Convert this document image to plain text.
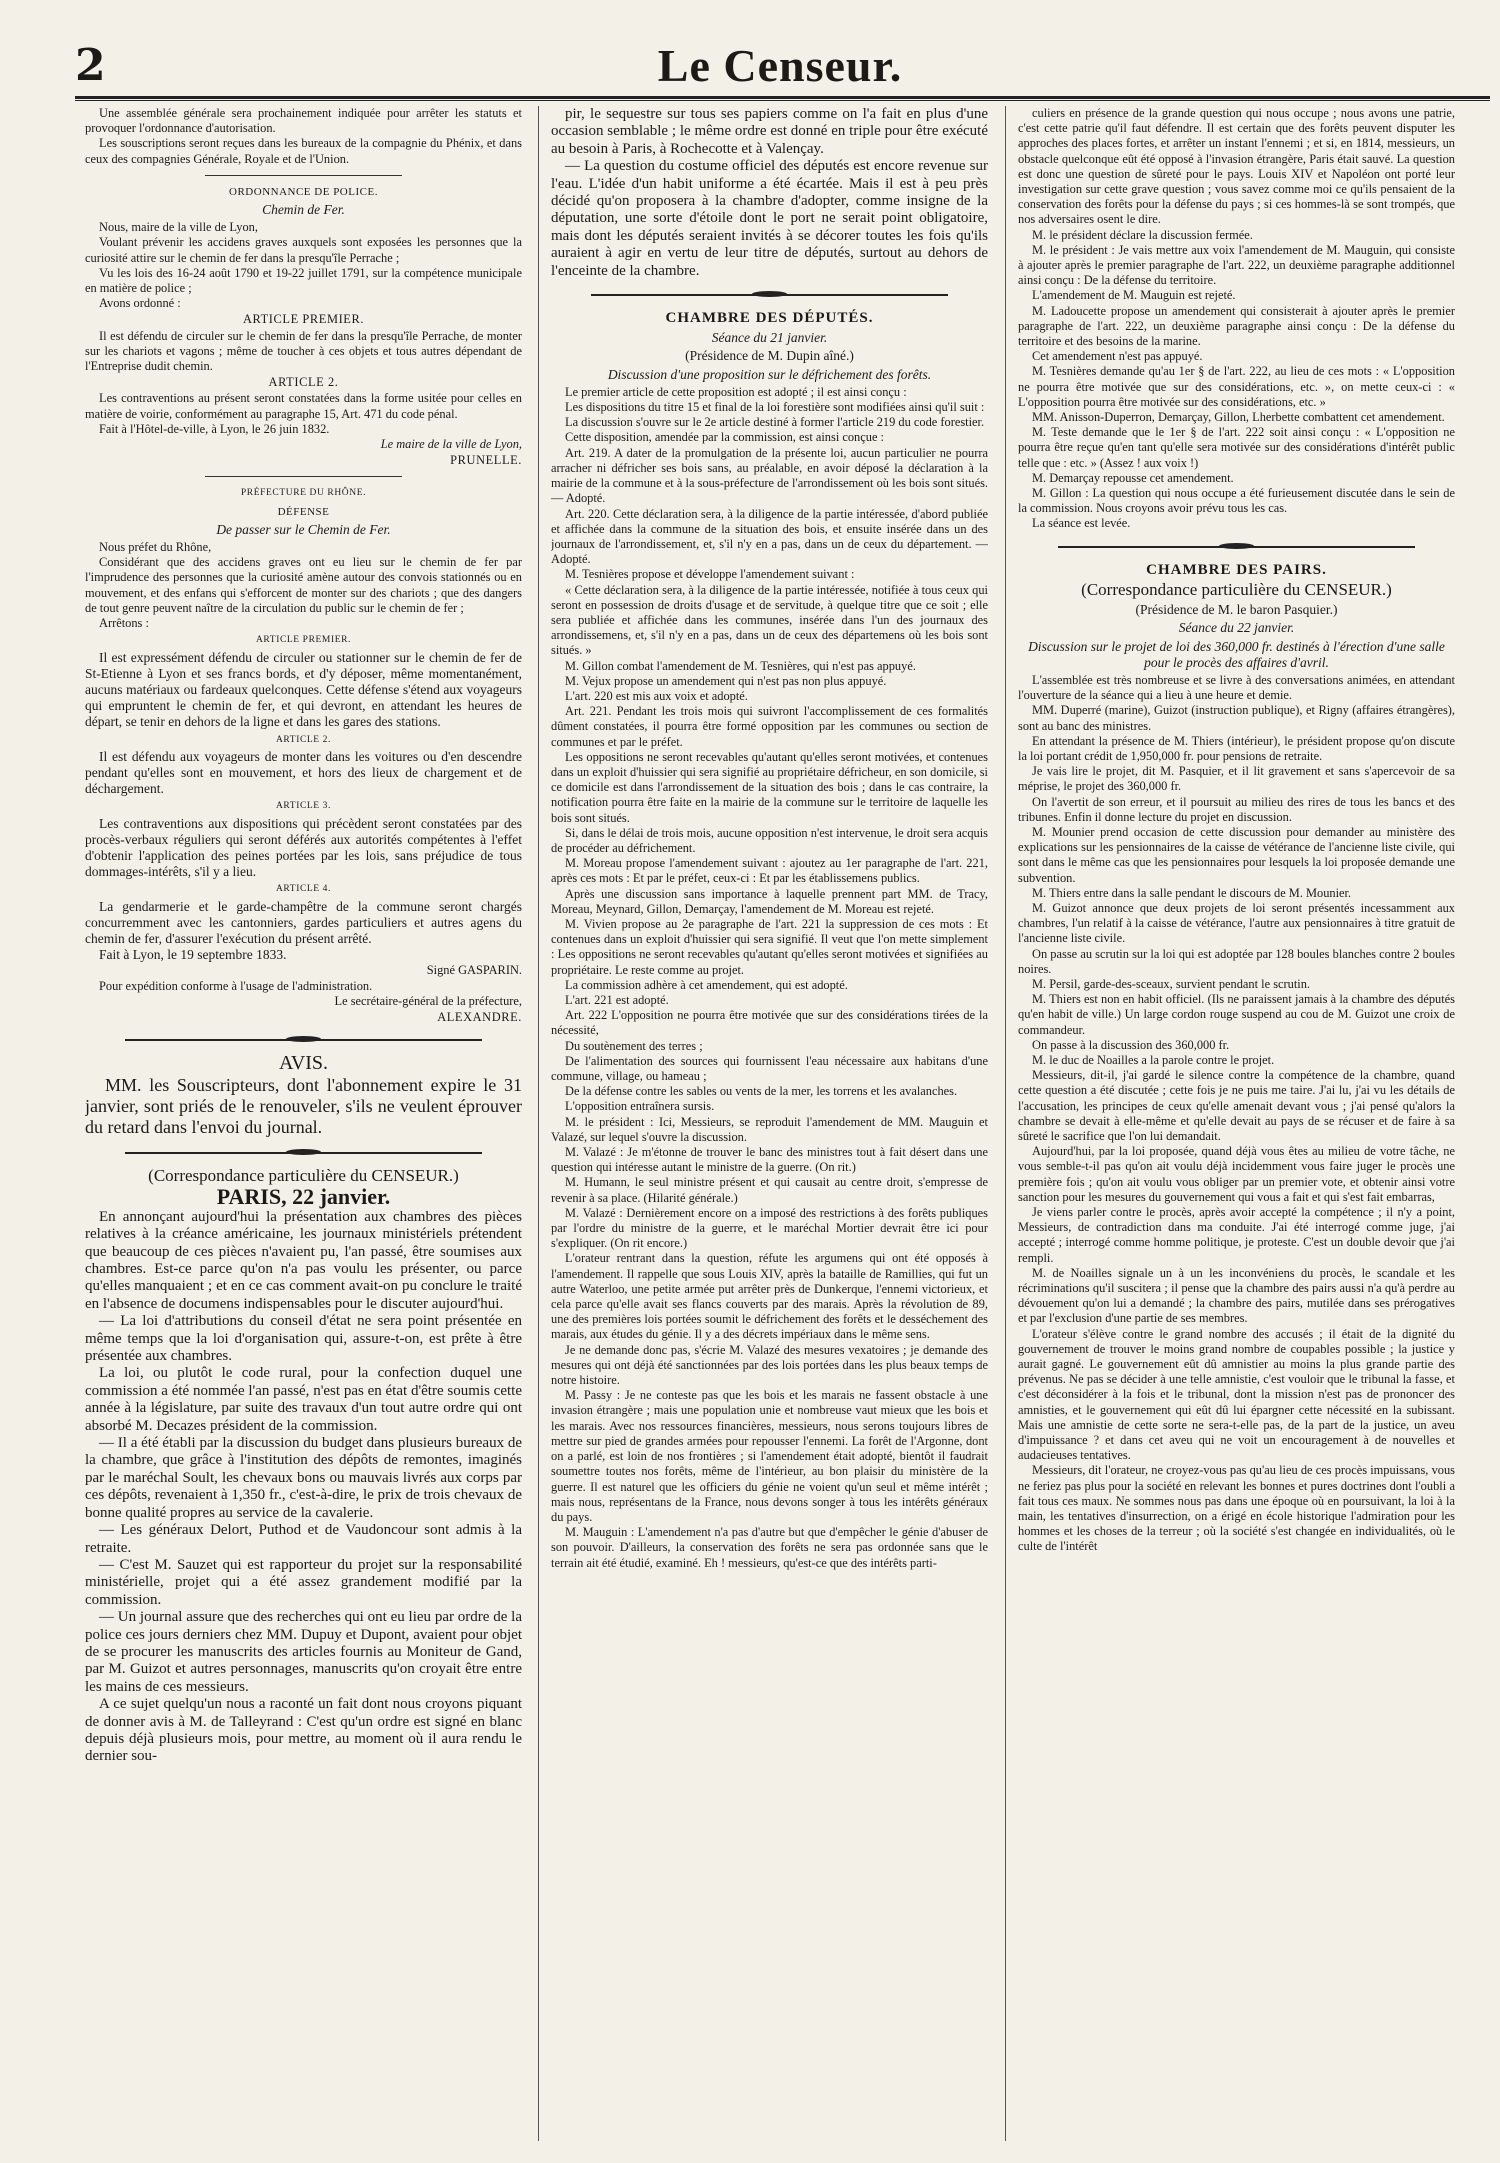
2	Le Censeur.

Une assemblée générale sera prochainement indiquée pour arrêter les statuts et provoquer l'ordonnance d'autorisation.

Les souscriptions seront reçues dans les bureaux de la compagnie du Phénix, et dans ceux des compagnies Générale, Royale et de l'Union.

ORDONNANCE DE POLICE.

Chemin de Fer.

Nous, maire de la ville de Lyon,

Voulant prévenir les accidens graves auxquels sont exposées les personnes que la curiosité attire sur le chemin de fer dans la presqu'île Perrache ;

Vu les lois des 16-24 août 1790 et 19-22 juillet 1791, sur la compétence municipale en matière de police ;

Avons ordonné :

ARTICLE PREMIER.

Il est défendu de circuler sur le chemin de fer dans la presqu'île Perrache, de monter sur les chariots et vagons ; même de toucher à ces objets et tous autres dépendant de l'Entreprise dudit chemin.

ARTICLE 2.

Les contraventions au présent seront constatées dans la forme usitée pour celles en matière de voirie, conformément au paragraphe 15, Art. 471 du code pénal.

Fait à l'Hôtel-de-ville, à Lyon, le 26 juin 1832.

Le maire de la ville de Lyon,

PRUNELLE.

PRÉFECTURE DU RHÔNE.

DÉFENSE

De passer sur le Chemin de Fer.

Nous préfet du Rhône,

Considérant que des accidens graves ont eu lieu sur le chemin de fer par l'imprudence des personnes que la curiosité amène autour des convois stationnés ou en mouvement, et des enfans qui s'efforcent de monter sur des chariots ; que des dangers de tout genre peuvent naître de la circulation du public sur le chemin de fer ;

Arrêtons :

ARTICLE PREMIER.

Il est expressément défendu de circuler ou stationner sur le chemin de fer de St-Etienne à Lyon et ses francs bords, et d'y déposer, même momentanément, aucuns matériaux ou fardeaux quelconques. Cette défense s'étend aux voyageurs qui empruntent le chemin de fer, et qui devront, en attendant les heures de départ, se tenir en dehors de la ligne et dans les gares des stations.

ARTICLE 2.

Il est défendu aux voyageurs de monter dans les voitures ou d'en descendre pendant qu'elles sont en mouvement, et hors des lieux de chargement et de déchargement.

ARTICLE 3.

Les contraventions aux dispositions qui précèdent seront constatées par des procès-verbaux réguliers qui seront déférés aux autorités compétentes à l'effet d'obtenir l'application des peines portées par les lois, sans préjudice de tous dommages-intérêts, s'il y a lieu.

ARTICLE 4.

La gendarmerie et le garde-champêtre de la commune seront chargés concurremment avec les cantonniers, gardes particuliers et autres agens du chemin de fer, d'assurer l'exécution du présent arrêté.

Fait à Lyon, le 19 septembre 1833.

Signé GASPARIN.

Pour expédition conforme à l'usage de l'administration.

Le secrétaire-général de la préfecture,

ALEXANDRE.

AVIS.

MM. les Souscripteurs, dont l'abonnement expire le 31 janvier, sont priés de le renouveler, s'ils ne veulent éprouver du retard dans l'envoi du journal.

(Correspondance particulière du CENSEUR.)

PARIS, 22 janvier.

En annonçant aujourd'hui la présentation aux chambres des pièces relatives à la créance américaine, les journaux ministériels prétendent que beaucoup de ces pièces n'avaient pu, l'an passé, être soumises aux chambres. Est-ce parce qu'on n'a pas voulu les présenter, ou parce qu'elles manquaient ; et en ce cas comment avait-on pu conclure le traité en l'absence de documens indispensables pour le discuter aujourd'hui.

— La loi d'attributions du conseil d'état ne sera point présentée en même temps que la loi d'organisation qui, assure-t-on, est prête à être présentée aux chambres.

La loi, ou plutôt le code rural, pour la confection duquel une commission a été nommée l'an passé, n'est pas en état d'être soumis cette année à la législature, par suite des travaux d'un tout autre ordre qui ont absorbé M. Decazes président de la commission.

— Il a été établi par la discussion du budget dans plusieurs bureaux de la chambre, que grâce à l'institution des dépôts de remontes, imaginés par le maréchal Soult, les chevaux bons ou mauvais livrés aux corps par ces dépôts, revenaient à 1,350 fr., c'est-à-dire, le prix de trois chevaux de bonne qualité propres au service de la cavalerie.

— Les généraux Delort, Puthod et de Vaudoncour sont admis à la retraite.

— C'est M. Sauzet qui est rapporteur du projet sur la responsabilité ministérielle, projet qui a été assez grandement modifié par la commission.

— Un journal assure que des recherches qui ont eu lieu par ordre de la police ces jours derniers chez MM. Dupuy et Dupont, avaient pour objet de se procurer les manuscrits des articles fournis au Moniteur de Gand, par M. Guizot et autres personnages, manuscrits qu'on croyait être entre les mains de ces messieurs.

A ce sujet quelqu'un nous a raconté un fait dont nous croyons piquant de donner avis à M. de Talleyrand : C'est qu'un ordre est signé en blanc depuis déjà plusieurs mois, pour mettre, au moment où il aura rendu le dernier sou-

pir, le sequestre sur tous ses papiers comme on l'a fait en plus d'une occasion semblable ; le même ordre est donné en triple pour être exécuté au besoin à Paris, à Rochecotte et à Valençay.

— La question du costume officiel des députés est encore revenue sur l'eau. L'idée d'un habit uniforme a été écartée. Mais il est à peu près décidé qu'on proposera à la chambre d'adopter, comme insigne de la députation, une sorte d'étoile dont le port ne serait point obligatoire, mais dont les députés seraient invités à se décorer toutes les fois qu'ils auraient à agir en vertu de leur titre de députés, surtout au dehors de l'enceinte de la chambre.

CHAMBRE DES DÉPUTÉS.

Séance du 21 janvier.

(Présidence de M. Dupin aîné.)

Discussion d'une proposition sur le défrichement des forêts.

Le premier article de cette proposition est adopté ; il est ainsi conçu :

Les dispositions du titre 15 et final de la loi forestière sont modifiées ainsi qu'il suit :

La discussion s'ouvre sur le 2e article destiné à former l'article 219 du code forestier.

Cette disposition, amendée par la commission, est ainsi conçue :

Art. 219. A dater de la promulgation de la présente loi, aucun particulier ne pourra arracher ni défricher ses bois sans, au préalable, en avoir déposé la déclaration à la mairie de la commune et à la sous-préfecture de l'arrondissement où les bois sont situés. — Adopté.

Art. 220. Cette déclaration sera, à la diligence de la partie intéressée, d'abord publiée et affichée dans la commune de la situation des bois, et ensuite insérée dans un des journaux de l'arrondissement, et, s'il n'y en a pas, dans un de ceux du département. — Adopté.

M. Tesnières propose et développe l'amendement suivant :

« Cette déclaration sera, à la diligence de la partie intéressée, notifiée à tous ceux qui seront en possession de droits d'usage et de servitude, à quelque titre que ce soit ; elle sera publiée et affichée dans les communes, insérée dans l'un des journaux des arrondissemens, et, s'il n'y en a pas, dans un de ceux des départemens où les bois sont situés. »

M. Gillon combat l'amendement de M. Tesnières, qui n'est pas appuyé.

M. Vejux propose un amendement qui n'est pas non plus appuyé.

L'art. 220 est mis aux voix et adopté.

Art. 221. Pendant les trois mois qui suivront l'accomplissement de ces formalités dûment constatées, il pourra être formé opposition par les communes ou section de communes et par le préfet.

Les oppositions ne seront recevables qu'autant qu'elles seront motivées, et contenues dans un exploit d'huissier qui sera signifié au propriétaire défricheur, en son domicile, si ce domicile est dans l'arrondissement de la situation des bois ; dans le cas contraire, la notification pourra être faite en la mairie de la commune sur le territoire de laquelle les bois sont situés.

Si, dans le délai de trois mois, aucune opposition n'est intervenue, le droit sera acquis de procéder au défrichement.

M. Moreau propose l'amendement suivant : ajoutez au 1er paragraphe de l'art. 221, après ces mots : Et par le préfet, ceux-ci : Et par les établissemens publics.

Après une discussion sans importance à laquelle prennent part MM. de Tracy, Moreau, Meynard, Gillon, Demarçay, l'amendement de M. Moreau est rejeté.

M. Vivien propose au 2e paragraphe de l'art. 221 la suppression de ces mots : Et contenues dans un exploit d'huissier qui sera signifié. Il veut que l'on mette simplement : Les oppositions ne seront recevables qu'autant qu'elles seront motivées et signifiées au propriétaire. Le reste comme au projet.

La commission adhère à cet amendement, qui est adopté.

L'art. 221 est adopté.

Art. 222 L'opposition ne pourra être motivée que sur des considérations tirées de la nécessité,

Du soutènement des terres ;

De l'alimentation des sources qui fournissent l'eau nécessaire aux habitans d'une commune, village, ou hameau ;

De la défense contre les sables ou vents de la mer, les torrens et les avalanches.

L'opposition entraînera sursis.

M. le président : Ici, Messieurs, se reproduit l'amendement de MM. Mauguin et Valazé, sur lequel s'ouvre la discussion.

M. Valazé : Je m'étonne de trouver le banc des ministres tout à fait désert dans une question qui intéresse autant le ministre de la guerre. (On rit.)

M. Humann, le seul ministre présent et qui causait au centre droit, s'empresse de revenir à sa place. (Hilarité générale.)

M. Valazé : Dernièrement encore on a imposé des restrictions à des forêts publiques par l'ordre du ministre de la guerre, et le maréchal Mortier devrait être ici pour s'expliquer. (On rit encore.)

L'orateur rentrant dans la question, réfute les argumens qui ont été opposés à l'amendement. Il rappelle que sous Louis XIV, après la bataille de Ramillies, qui fut un autre Waterloo, une petite armée put arrêter près de Dunkerque, l'ennemi victorieux, et cela parce qu'elle avait ses flancs couverts par des marais. Après la révolution de 89, une des premières lois portées soumit le défrichement des forêts et le desséchement des marais, aux études du génie. Il y a des décrets impériaux dans le même sens.

Je ne demande donc pas, s'écrie M. Valazé des mesures vexatoires ; je demande des mesures qui ont déjà été sanctionnées par des lois portées dans les plus beaux temps de notre histoire.

M. Passy : Je ne conteste pas que les bois et les marais ne fassent obstacle à une invasion étrangère ; mais une population unie et nombreuse vaut mieux que les bois et les marais. Avec nos ressources financières, messieurs, nous serons toujours libres de mettre sur pied de grandes armées pour repousser l'ennemi. La forêt de l'Argonne, dont on a parlé, est loin de nos frontières ; si l'amendement était adopté, bientôt il faudrait soumettre toutes nos forêts, même de l'intérieur, au bon plaisir du ministère de la guerre. Il est naturel que les officiers du génie ne voient qu'un seul et même intérêt ; mais nous, représentans de la France, nous devons songer à tous les intérêts généraux du pays.

M. Mauguin : L'amendement n'a pas d'autre but que d'empêcher le génie d'abuser de son pouvoir. D'ailleurs, la conservation des forêts ne sera pas ordonnée sans que le terrain ait été étudié, examiné. Eh ! messieurs, qu'est-ce que des intérêts parti-

culiers en présence de la grande question qui nous occupe ; nous avons une patrie, c'est cette patrie qu'il faut défendre. Il est certain que des forêts peuvent disputer les approches des places fortes, et arrêter un instant l'ennemi ; et si, en 1814, messieurs, un obstacle quelconque eût été opposé à l'invasion étrangère, Paris était sauvé. La question est donc une question de sûreté pour le pays. Louis XIV et Napoléon ont porté leur investigation sur cette grave question ; vous savez comme moi ce qu'ils pensaient de la conservation des forêts pour la défense du pays ; si ces hommes-là se sont trompés, que nos adversaires osent le dire.

M. le président déclare la discussion fermée.

M. le président : Je vais mettre aux voix l'amendement de M. Mauguin, qui consiste à ajouter après le premier paragraphe de l'art. 222, un deuxième paragraphe additionnel ainsi conçu : De la défense du territoire.

L'amendement de M. Mauguin est rejeté.

M. Ladoucette propose un amendement qui consisterait à ajouter après le premier paragraphe de l'art. 222, un deuxième paragraphe ainsi conçu : De la défense du territoire et des besoins de la marine.

Cet amendement n'est pas appuyé.

M. Tesnières demande qu'au 1er § de l'art. 222, au lieu de ces mots : « L'opposition ne pourra être motivée que sur des considérations, etc. », on mette ceux-ci : « L'opposition pourra être motivée sur des considérations, etc. »

MM. Anisson-Duperron, Demarçay, Gillon, Lherbette combattent cet amendement.

M. Teste demande que le 1er § de l'art. 222 soit ainsi conçu : « L'opposition ne pourra être reçue qu'en tant qu'elle sera motivée sur des considérations d'intérêt public telle que : etc. » (Assez ! aux voix !)

M. Demarçay repousse cet amendement.

M. Gillon : La question qui nous occupe a été furieusement discutée dans le sein de la commission. Nous croyons avoir prévu tous les cas.

La séance est levée.

CHAMBRE DES PAIRS.

(Correspondance particulière du CENSEUR.)

(Présidence de M. le baron Pasquier.)

Séance du 22 janvier.

Discussion sur le projet de loi des 360,000 fr. destinés à l'érection d'une salle pour le procès des affaires d'avril.

L'assemblée est très nombreuse et se livre à des conversations animées, en attendant l'ouverture de la séance qui a lieu à une heure et demie.

MM. Duperré (marine), Guizot (instruction publique), et Rigny (affaires étrangères), sont au banc des ministres.

En attendant la présence de M. Thiers (intérieur), le président propose qu'on discute la loi portant crédit de 1,950,000 fr. pour pensions de retraite.

Je vais lire le projet, dit M. Pasquier, et il lit gravement et sans s'apercevoir de sa méprise, le projet des 360,000 fr.

On l'avertit de son erreur, et il poursuit au milieu des rires de tous les bancs et des tribunes. Enfin il donne lecture du projet en discussion.

M. Mounier prend occasion de cette discussion pour demander au ministère des explications sur les pensionnaires de la caisse de vétérance de l'ancienne liste civile, qui sont dans le même cas que les pensionnaires pour lesquels la loi proposée demande une subvention.

M. Thiers entre dans la salle pendant le discours de M. Mounier.

M. Guizot annonce que deux projets de loi seront présentés incessamment aux chambres, l'un relatif à la caisse de vétérance, l'autre aux pensionnaires à titre gratuit de l'ancienne liste civile.

On passe au scrutin sur la loi qui est adoptée par 128 boules blanches contre 2 boules noires.

M. Persil, garde-des-sceaux, survient pendant le scrutin.

M. Thiers est non en habit officiel. (Ils ne paraissent jamais à la chambre des députés qu'en habit de ville.) Un large cordon rouge suspend au cou de M. Guizot une croix de commandeur.

On passe à la discussion des 360,000 fr.

M. le duc de Noailles a la parole contre le projet.

Messieurs, dit-il, j'ai gardé le silence contre la compétence de la chambre, quand cette question a été discutée ; cette fois je ne puis me taire. J'ai lu, j'ai vu les détails de l'accusation, les principes de ceux qu'elle amenait devant vous ; j'ai pensé qu'alors la chambre se devait à elle-même et qu'elle devait au pays de se récuser et de faire à sa sûreté le sacrifice que l'on lui demandait.

Aujourd'hui, par la loi proposée, quand déjà vous êtes au milieu de votre tâche, ne vous semble-t-il pas qu'on ait voulu déjà incidemment vous faire juger le procès une première fois ; qu'on ait voulu vous obliger par un premier vote, et obtenir ainsi votre sanction pour les mesures du gouvernement qui vous a fait et qui s'est fait embarras,

Je viens parler contre le procès, après avoir accepté la compétence ; il n'y a point, Messieurs, de contradiction dans ma conduite. J'ai été interrogé comme juge, j'ai accepté ; interrogé comme homme politique, je proteste. C'est un double devoir que j'ai rempli.

M. de Noailles signale un à un les inconvéniens du procès, le scandale et les récriminations qu'il suscitera ; il pense que la chambre des pairs aussi n'a qu'à perdre au dévouement qu'on lui a demandé ; la chambre des pairs, mutilée dans ses prérogatives et par l'exclusion d'une partie de ses membres.

L'orateur s'élève contre le grand nombre des accusés ; il était de la dignité du gouvernement de trouver le moins grand nombre de coupables possible ; la justice y aurait gagné. Le gouvernement eût dû amnistier au moins la plus grande partie des prévenus. Ne pas se décider à une telle amnistie, c'est vouloir que le tribunal la fasse, et c'est déconsidérer à la fois et le tribunal, dont la mission n'est pas de prononcer des amnisties, et le gouvernement qui eût dû lui épargner cette nécessité en la subissant. Mais une amnistie de cette sorte ne sera-t-elle pas, de la part de la justice, un aveu d'impuissance ? et dans cet aveu qui ne voit un encouragement à de nouvelles et audacieuses tentatives.

Messieurs, dit l'orateur, ne croyez-vous pas qu'au lieu de ces procès impuissans, vous ne feriez pas plus pour la société en relevant les bonnes et pures doctrines dont l'oubli a fait tous ces maux. Ne sommes nous pas dans une époque où en poursuivant, la loi à la main, les tentatives d'insurrection, on a érigé en école historique l'admiration pour les hommes et les choses de la terreur ; où la société s'est changée en individualités, où le culte de l'intérêt
